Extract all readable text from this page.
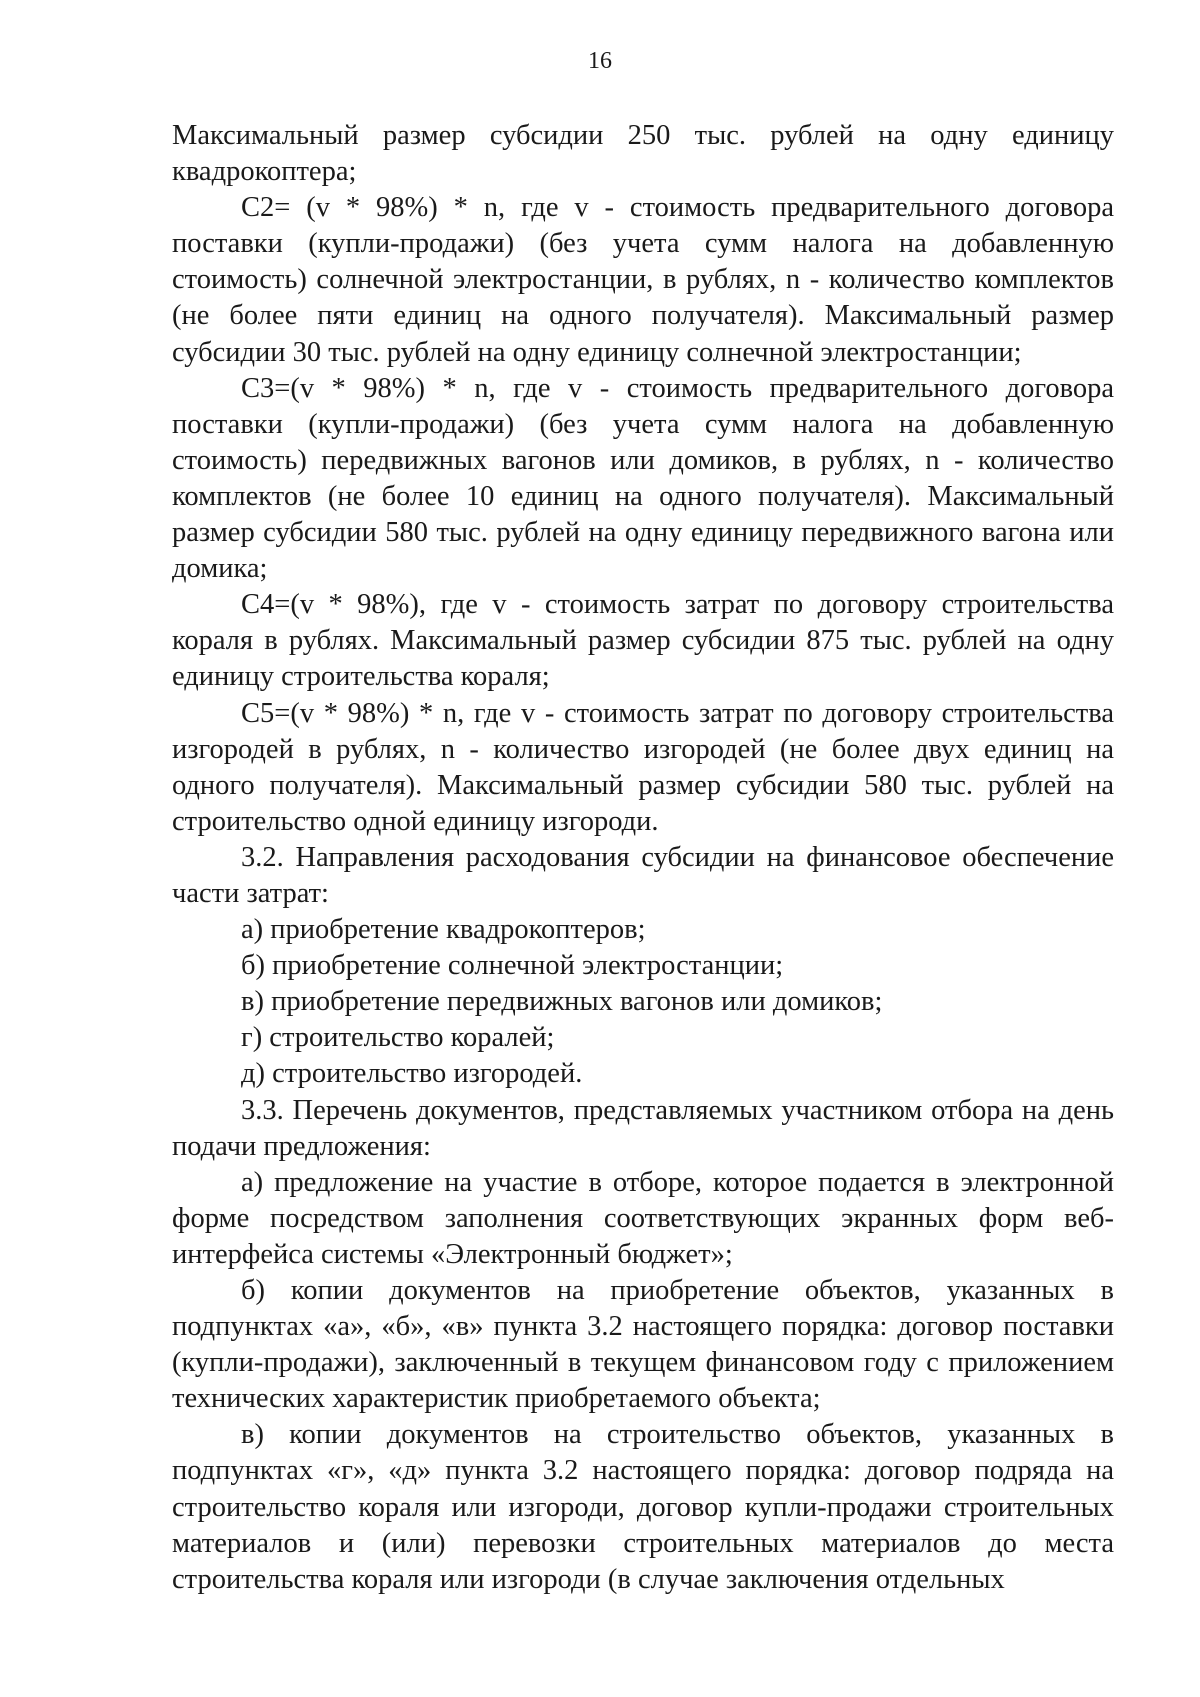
16

Максимальный размер субсидии 250 тыс. рублей на одну единицу квадрокоптера;

С2= (v * 98%) * n, где v - стоимость предварительного договора поставки (купли-продажи) (без учета сумм налога на добавленную стоимость) солнечной электростанции, в рублях, n - количество комплектов (не более пяти единиц на одного получателя). Максимальный размер субсидии 30 тыс. рублей на одну единицу солнечной электростанции;

С3=(v * 98%) * n, где v - стоимость предварительного договора поставки (купли-продажи) (без учета сумм налога на добавленную стоимость) передвижных вагонов или домиков, в рублях, n - количество комплектов (не более 10 единиц на одного получателя). Максимальный размер субсидии 580 тыс. рублей на одну единицу передвижного вагона или домика;

С4=(v * 98%), где v - стоимость затрат по договору строительства кораля в рублях. Максимальный размер субсидии 875 тыс. рублей на одну единицу строительства кораля;

С5=(v * 98%) * n, где v - стоимость затрат по договору строительства изгородей в рублях, n - количество изгородей (не более двух единиц на одного получателя). Максимальный размер субсидии 580 тыс. рублей на строительство одной единицу изгороди.

3.2. Направления расходования субсидии на финансовое обеспечение части затрат:

а) приобретение квадрокоптеров;

б) приобретение солнечной электростанции;

в) приобретение передвижных вагонов или домиков;

г) строительство коралей;

д) строительство изгородей.

3.3. Перечень документов, представляемых участником отбора на день подачи предложения:

а) предложение на участие в отборе, которое подается в электронной форме посредством заполнения соответствующих экранных форм веб-интерфейса системы «Электронный бюджет»;

б) копии документов на приобретение объектов, указанных в подпунктах «а», «б», «в» пункта 3.2 настоящего порядка: договор поставки (купли-продажи), заключенный в текущем финансовом году с приложением технических характеристик приобретаемого объекта;

в) копии документов на строительство объектов, указанных в подпунктах «г», «д» пункта 3.2 настоящего порядка: договор подряда на строительство кораля или изгороди, договор купли-продажи строительных материалов и (или) перевозки строительных материалов до места строительства кораля или изгороди (в случае заключения отдельных
